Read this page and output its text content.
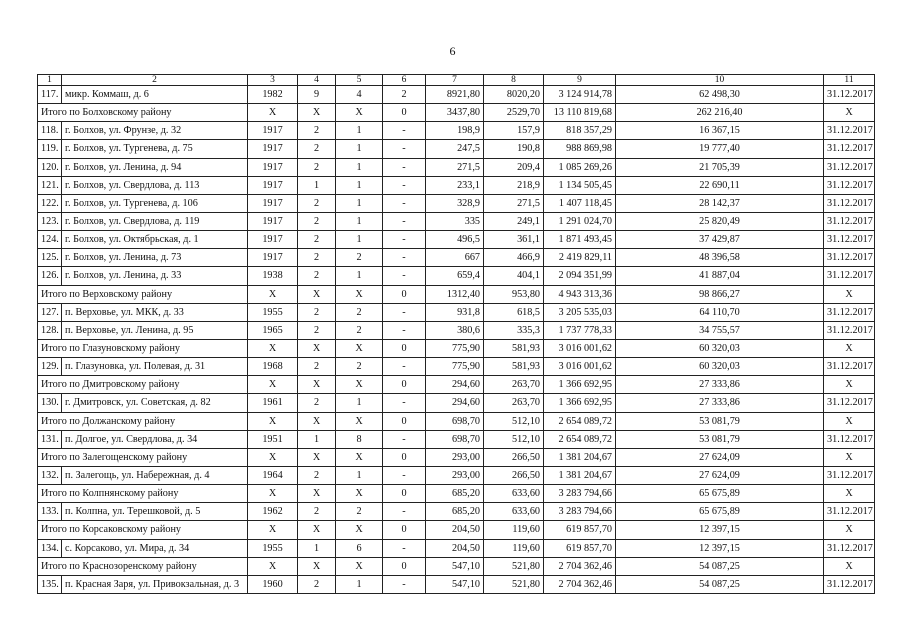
6
1	2	3	4	5	6	7	8	9	10	11
117.	микр. Коммаш, д. 6	1982	9	4	2	8921,80	8020,20	3 124 914,78	62 498,30	31.12.2017
Итого по Болховскому району		X	X	X	0	3437,80	2529,70	13 110 819,68	262 216,40	X
118.	г. Болхов, ул. Фрунзе, д. 32	1917	2	1	-	198,9	157,9	818 357,29	16 367,15	31.12.2017
119.	г. Болхов, ул. Тургенева, д. 75	1917	2	1	-	247,5	190,8	988 869,98	19 777,40	31.12.2017
120.	г. Болхов, ул. Ленина, д. 94	1917	2	1	-	271,5	209,4	1 085 269,26	21 705,39	31.12.2017
121.	г. Болхов, ул. Свердлова, д. 113	1917	1	1	-	233,1	218,9	1 134 505,45	22 690,11	31.12.2017
122.	г. Болхов, ул. Тургенева, д. 106	1917	2	1	-	328,9	271,5	1 407 118,45	28 142,37	31.12.2017
123.	г. Болхов, ул. Свердлова, д. 119	1917	2	1	-	335	249,1	1 291 024,70	25 820,49	31.12.2017
124.	г. Болхов, ул. Октябрьская, д. 1	1917	2	1	-	496,5	361,1	1 871 493,45	37 429,87	31.12.2017
125.	г. Болхов, ул. Ленина, д. 73	1917	2	2	-	667	466,9	2 419 829,11	48 396,58	31.12.2017
126.	г. Болхов, ул. Ленина, д. 33	1938	2	1	-	659,4	404,1	2 094 351,99	41 887,04	31.12.2017
Итого по Верховскому району		X	X	X	0	1312,40	953,80	4 943 313,36	98 866,27	X
127.	п. Верховье, ул. МКК, д. 33	1955	2	2	-	931,8	618,5	3 205 535,03	64 110,70	31.12.2017
128.	п. Верховье, ул. Ленина, д. 95	1965	2	2	-	380,6	335,3	1 737 778,33	34 755,57	31.12.2017
Итого по Глазуновскому району		X	X	X	0	775,90	581,93	3 016 001,62	60 320,03	X
129.	п. Глазуновка, ул. Полевая, д. 31	1968	2	2	-	775,90	581,93	3 016 001,62	60 320,03	31.12.2017
Итого по Дмитровскому району		X	X	X	0	294,60	263,70	1 366 692,95	27 333,86	X
130.	г. Дмитровск, ул. Советская, д. 82	1961	2	1	-	294,60	263,70	1 366 692,95	27 333,86	31.12.2017
Итого по Должанскому району		X	X	X	0	698,70	512,10	2 654 089,72	53 081,79	X
131.	п. Долгое, ул. Свердлова, д. 34	1951	1	8	-	698,70	512,10	2 654 089,72	53 081,79	31.12.2017
Итого по Залегощенскому району		X	X	X	0	293,00	266,50	1 381 204,67	27 624,09	X
132.	п. Залегощь, ул. Набережная, д. 4	1964	2	1	-	293,00	266,50	1 381 204,67	27 624,09	31.12.2017
Итого по Колпнянскому району		X	X	X	0	685,20	633,60	3 283 794,66	65 675,89	X
133.	п. Колпна, ул. Терешковой, д. 5	1962	2	2	-	685,20	633,60	3 283 794,66	65 675,89	31.12.2017
Итого по Корсаковскому району		X	X	X	0	204,50	119,60	619 857,70	12 397,15	X
134.	с. Корсаково, ул. Мира, д. 34	1955	1	6	-	204,50	119,60	619 857,70	12 397,15	31.12.2017
Итого по Краснозоренскому району		X	X	X	0	547,10	521,80	2 704 362,46	54 087,25	X
135.	п. Красная Заря, ул. Привокзальная, д. 3	1960	2	1	-	547,10	521,80	2 704 362,46	54 087,25	31.12.2017
